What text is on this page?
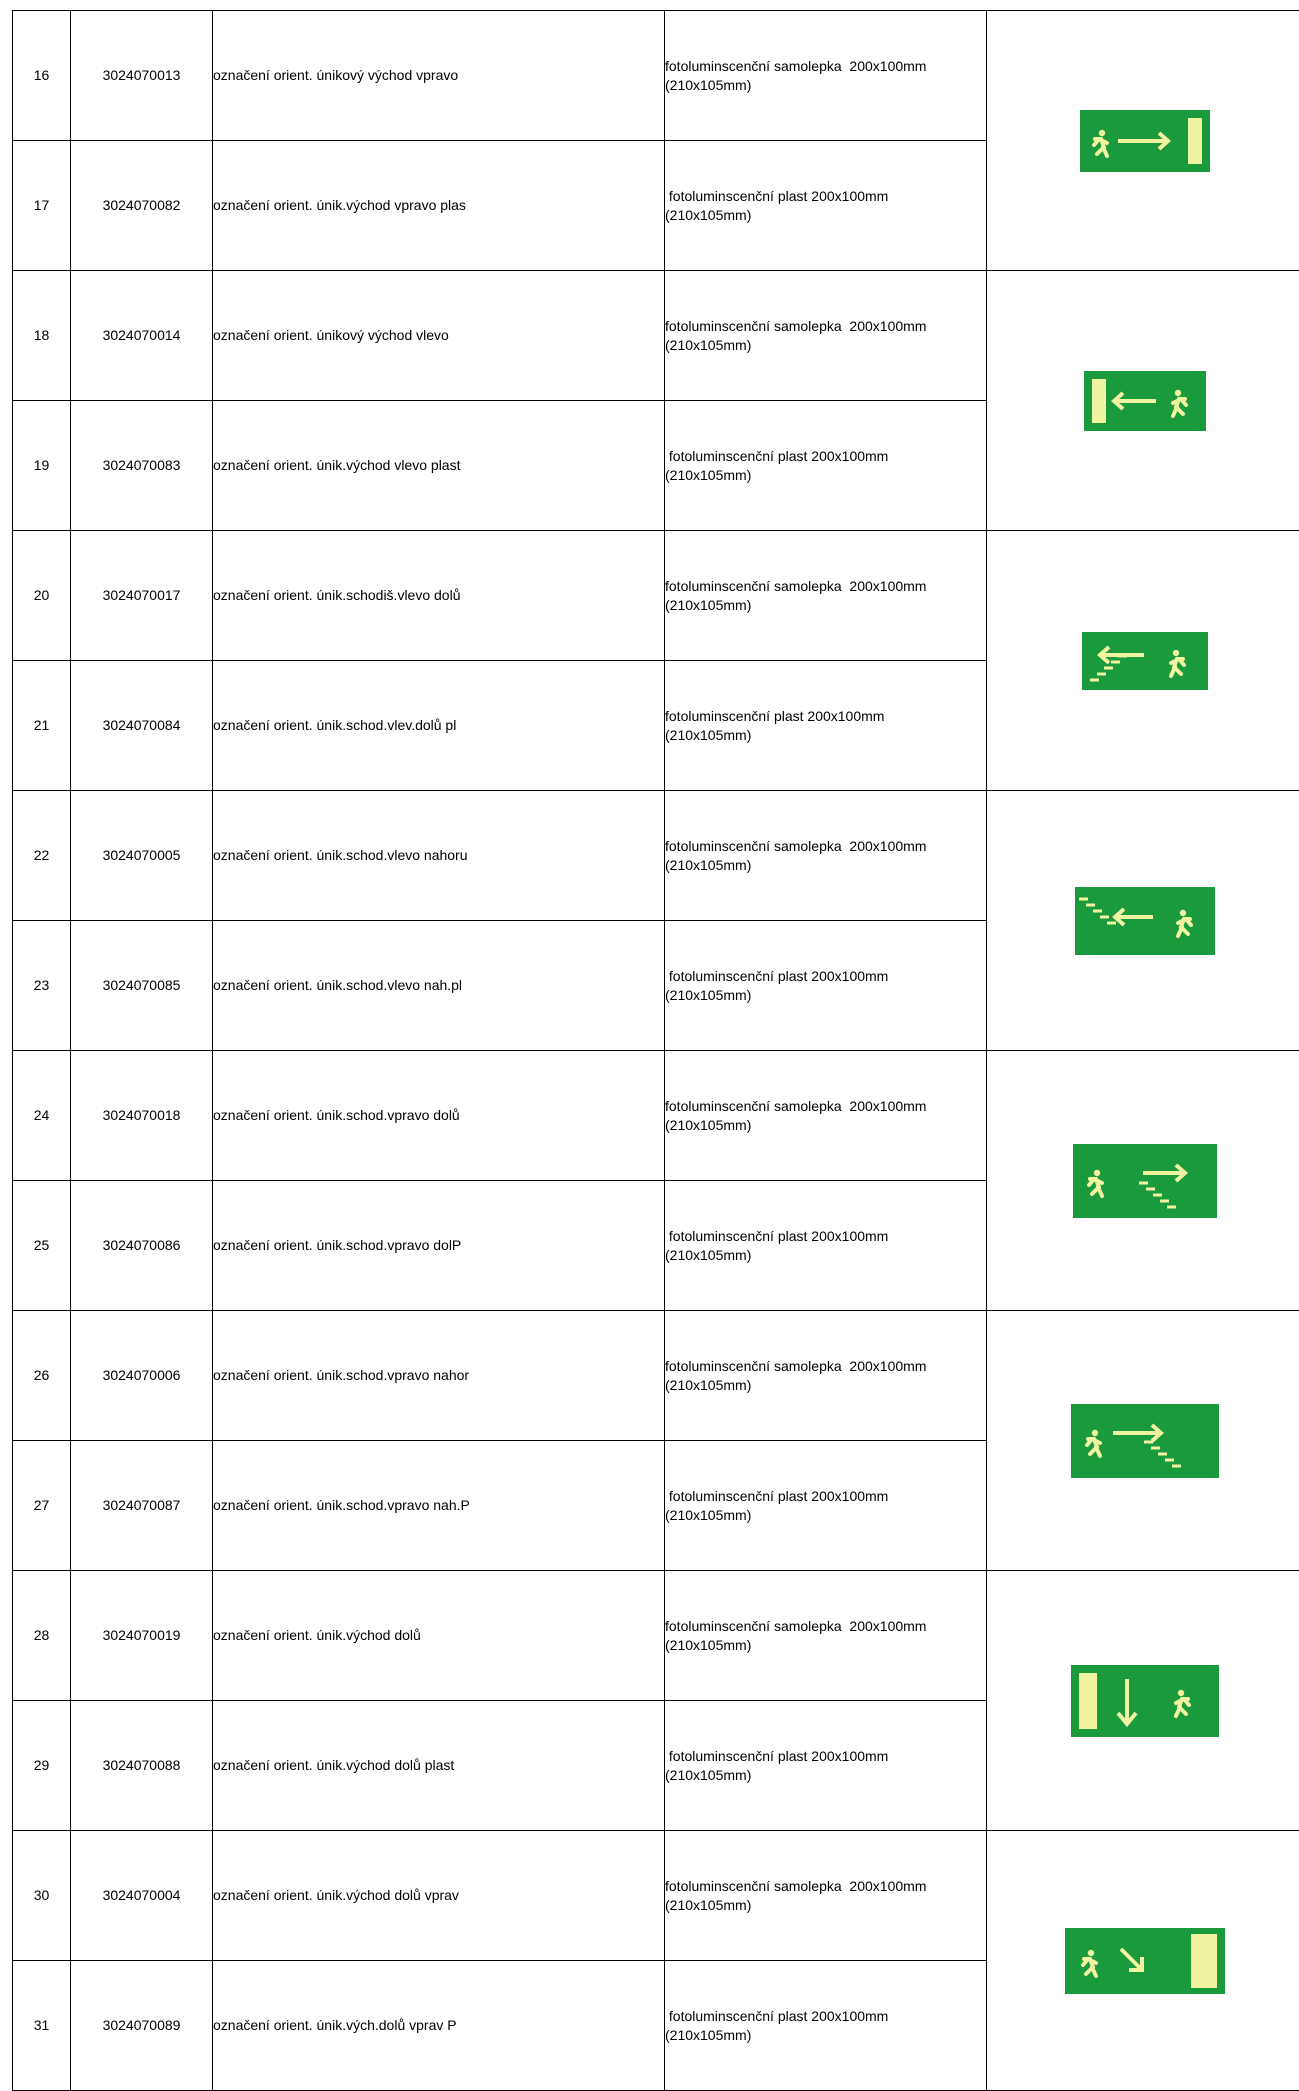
16	3024070013	označení orient. únikový východ vpravo	fotoluminscenční samolepka  200x100mm
(210x105mm)

17	3024070082	označení orient. únik.východ vpravo plas	fotoluminscenční plast 200x100mm
(210x105mm)	

18	3024070014	označení orient. únikový východ vlevo	fotoluminscenční samolepka  200x100mm
(210x105mm)

19	3024070083	označení orient. únik.východ vlevo plast	fotoluminscenční plast 200x100mm
(210x105mm)	

20	3024070017	označení orient. únik.schodiš.vlevo dolů	fotoluminscenční samolepka  200x100mm
(210x105mm)

21	3024070084	označení orient. únik.schod.vlev.dolů pl	fotoluminscenční plast 200x100mm
(210x105mm)	

22	3024070005	označení orient. únik.schod.vlevo nahoru	fotoluminscenční samolepka  200x100mm
(210x105mm)

23	3024070085	označení orient. únik.schod.vlevo nah.pl	fotoluminscenční plast 200x100mm
(210x105mm)	

24	3024070018	označení orient. únik.schod.vpravo dolů	fotoluminscenční samolepka  200x100mm
(210x105mm)

25	3024070086	označení orient. únik.schod.vpravo dolP	fotoluminscenční plast 200x100mm
(210x105mm)	

26	3024070006	označení orient. únik.schod.vpravo nahor	fotoluminscenční samolepka  200x100mm
(210x105mm)

27	3024070087	označení orient. únik.schod.vpravo nah.P	fotoluminscenční plast 200x100mm
(210x105mm)	

28	3024070019	označení orient. únik.východ dolů	fotoluminscenční samolepka  200x100mm
(210x105mm)

29	3024070088	označení orient. únik.východ dolů plast	fotoluminscenční plast 200x100mm
(210x105mm)	

30	3024070004	označení orient. únik.východ dolů vprav	fotoluminscenční samolepka  200x100mm
(210x105mm)

31	3024070089	označení orient. únik.vých.dolů vprav P	fotoluminscenční plast 200x100mm
(210x105mm)	
